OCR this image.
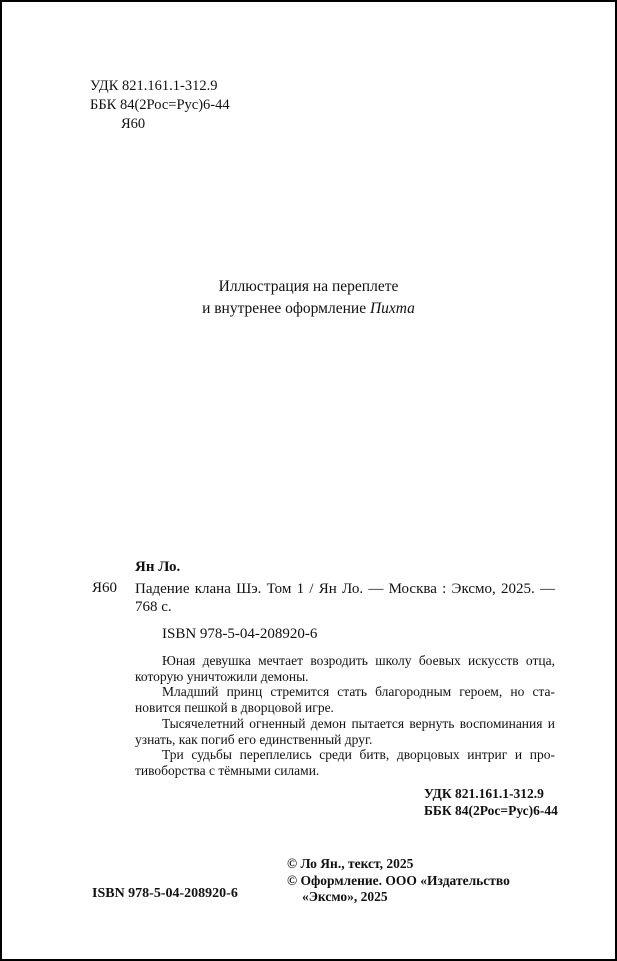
УДК 821.161.1-312.9
ББК 84(2Рос=Рус)6-44
Я60
Иллюстрация на переплете
и внутренее оформление Пихта
Ян Ло.
Я60 Падение клана Шэ. Том 1 / Ян Ло. — Москва : Эксмо, 2025. — 768 с.
ISBN 978-5-04-208920-6

Юная девушка мечтает возродить школу боевых искусств отца, которую уничтожили демоны.

Младший принц стремится стать благородным героем, но становится пешкой в дворцовой игре.

Тысячелетний огненный демон пытается вернуть воспоминания и узнать, как погиб его единственный друг.

Три судьбы переплелись среди битв, дворцовых интриг и противоборства с тёмными силами.

УДК 821.161.1-312.9
ББК 84(2Рос=Рус)6-44
© Ло Ян., текст, 2025
© Оформление. ООО «Издательство «Эксмо», 2025
ISBN 978-5-04-208920-6
